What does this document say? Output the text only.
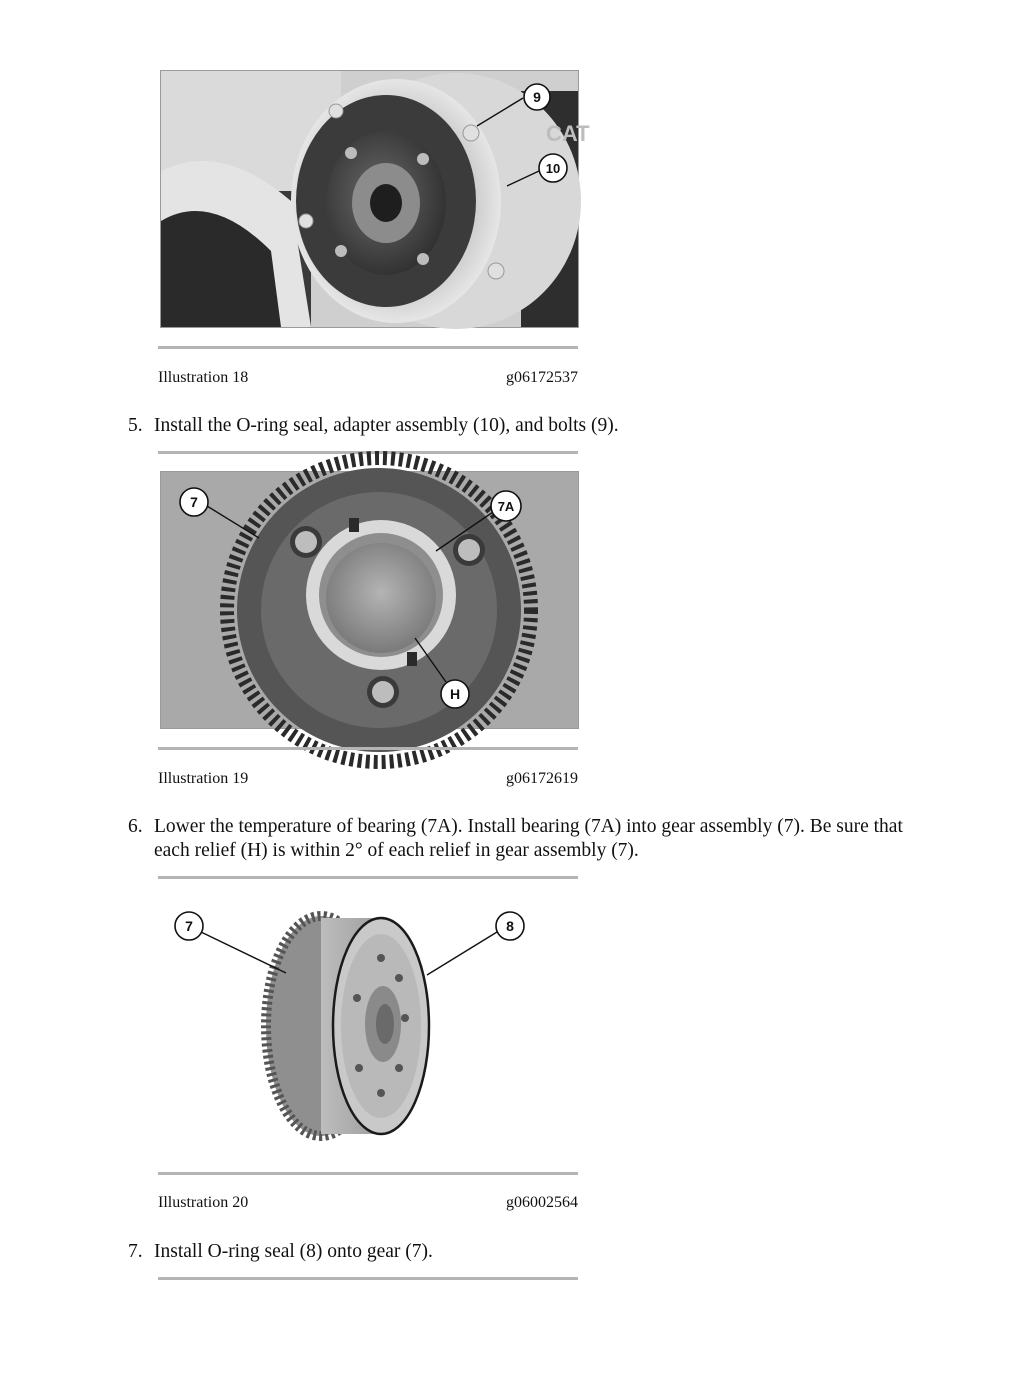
CAT
9
10
Illustration 18	g06172537
5. Install the O-ring seal, adapter assembly (10), and bolts (9).
7	7A
H
Illustration 19	g06172619
6. Lower the temperature of bearing (7A). Install bearing (7A) into gear assembly (7). Be sure that each relief (H) is within 2° of each relief in gear assembly (7).
7	8
Illustration 20	g06002564
7. Install O-ring seal (8) onto gear (7).
